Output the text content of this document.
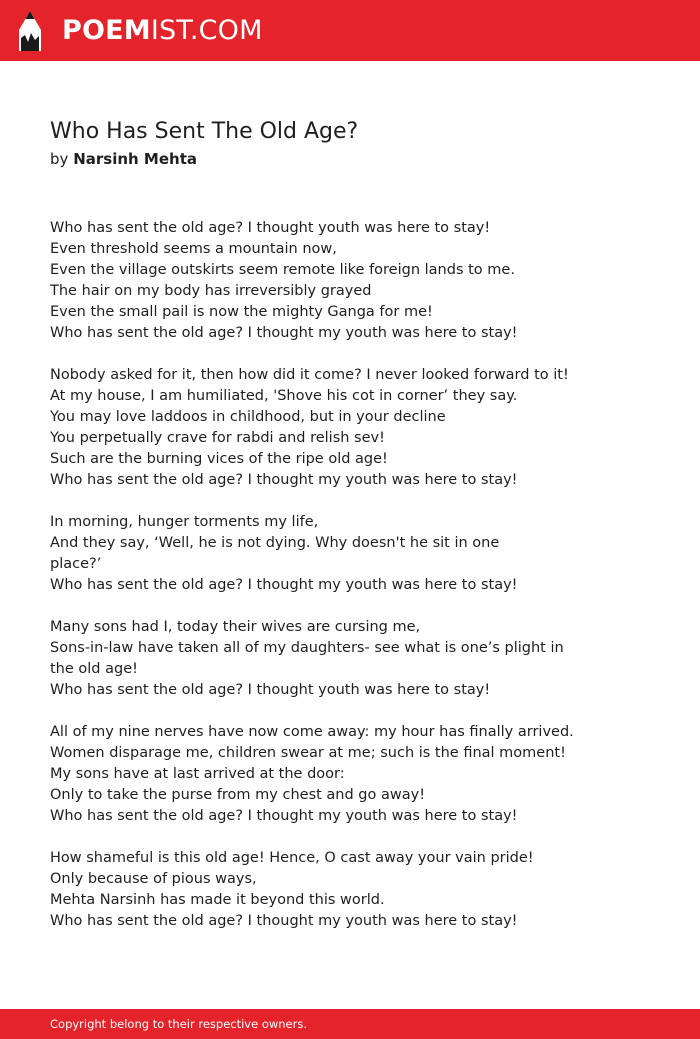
POEMIST.COM
Who Has Sent The Old Age?
by Narsinh Mehta
Who has sent the old age? I thought youth was here to stay!
Even threshold seems a mountain now,
Even the village outskirts seem remote like foreign lands to me.
The hair on my body has irreversibly grayed
Even the small pail is now the mighty Ganga for me!
Who has sent the old age? I thought my youth was here to stay!
Nobody asked for it, then how did it come? I never looked forward to it!
At my house, I am humiliated, 'Shove his cot in corner’ they say.
You may love laddoos in childhood, but in your decline
You perpetually crave for rabdi and relish sev!
Such are the burning vices of the ripe old age!
Who has sent the old age? I thought my youth was here to stay!
In morning, hunger torments my life,
And they say, ‘Well, he is not dying. Why doesn't he sit in one
place?’
Who has sent the old age? I thought my youth was here to stay!
Many sons had I, today their wives are cursing me,
Sons-in-law have taken all of my daughters- see what is one’s plight in
the old age!
Who has sent the old age? I thought youth was here to stay!
All of my nine nerves have now come away: my hour has finally arrived.
Women disparage me, children swear at me; such is the final moment!
My sons have at last arrived at the door:
Only to take the purse from my chest and go away!
Who has sent the old age? I thought my youth was here to stay!
How shameful is this old age! Hence, O cast away your vain pride!
Only because of pious ways,
Mehta Narsinh has made it beyond this world.
Who has sent the old age? I thought my youth was here to stay!
Copyright belong to their respective owners.
